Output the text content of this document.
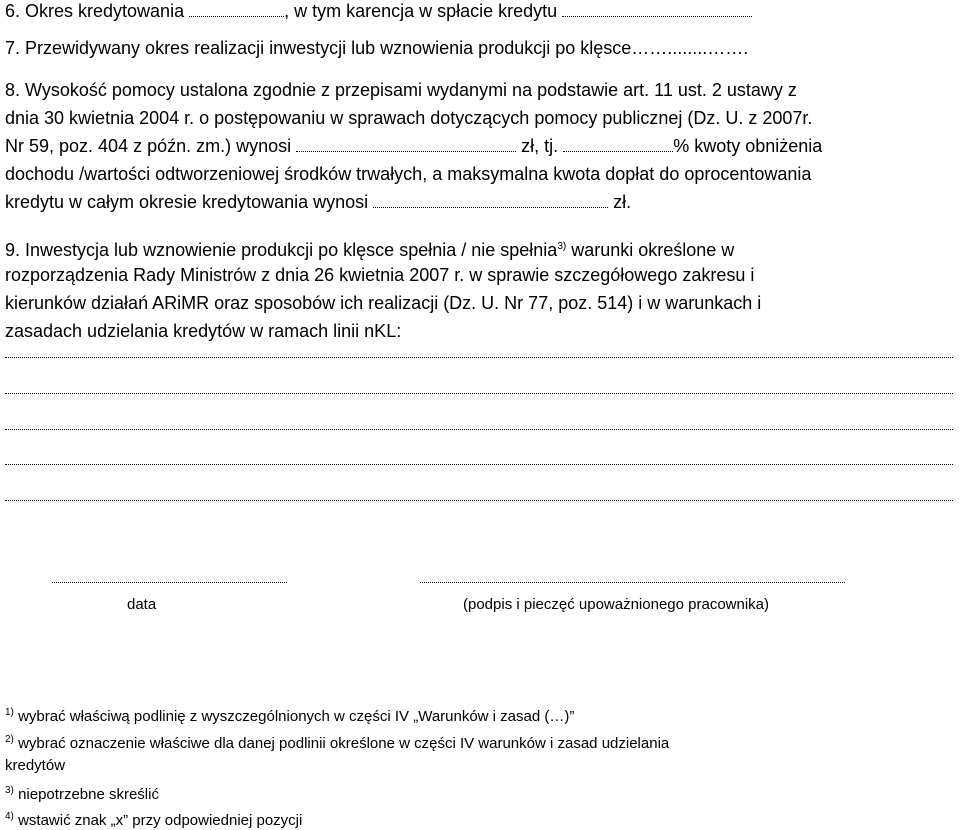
6. Okres kredytowania	, w tym karencja w spłacie kredytu
7. Przewidywany okres realizacji inwestycji lub wznowienia produkcji po klęsce……........…….
8. Wysokość pomocy ustalona zgodnie z przepisami wydanymi na podstawie art. 11 ust. 2 ustawy z
dnia 30 kwietnia 2004 r. o postępowaniu w sprawach dotyczących pomocy publicznej (Dz. U. z 2007r.
Nr 59, poz. 404 z późn. zm.) wynosi	zł, tj.	% kwoty obniżenia
dochodu /wartości odtworzeniowej środków trwałych, a maksymalna kwota dopłat do oprocentowania
kredytu w całym okresie kredytowania wynosi	zł.
9. Inwestycja lub wznowienie produkcji po klęsce spełnia / nie spełnia$^{3)}$ warunki określone w
rozporządzenia Rady Ministrów z dnia 26 kwietnia 2007 r. w sprawie szczegółowego zakresu i
kierunków działań ARiMR oraz sposobów ich realizacji (Dz. U. Nr 77, poz. 514) i w warunkach i
zasadach udzielania kredytów w ramach linii nKL:
data	(podpis i pieczęć upoważnionego pracownika)
$^{1)}$ wybrać właściwą podlinię z wyszczególnionych w części IV „Warunków i zasad (…)”
$^{2)}$ wybrać oznaczenie właściwe dla danej podlinii określone w części IV warunków i zasad udzielania
kredytów
$^{3)}$ niepotrzebne skreślić
$^{4)}$ wstawić znak „x” przy odpowiedniej pozycji
